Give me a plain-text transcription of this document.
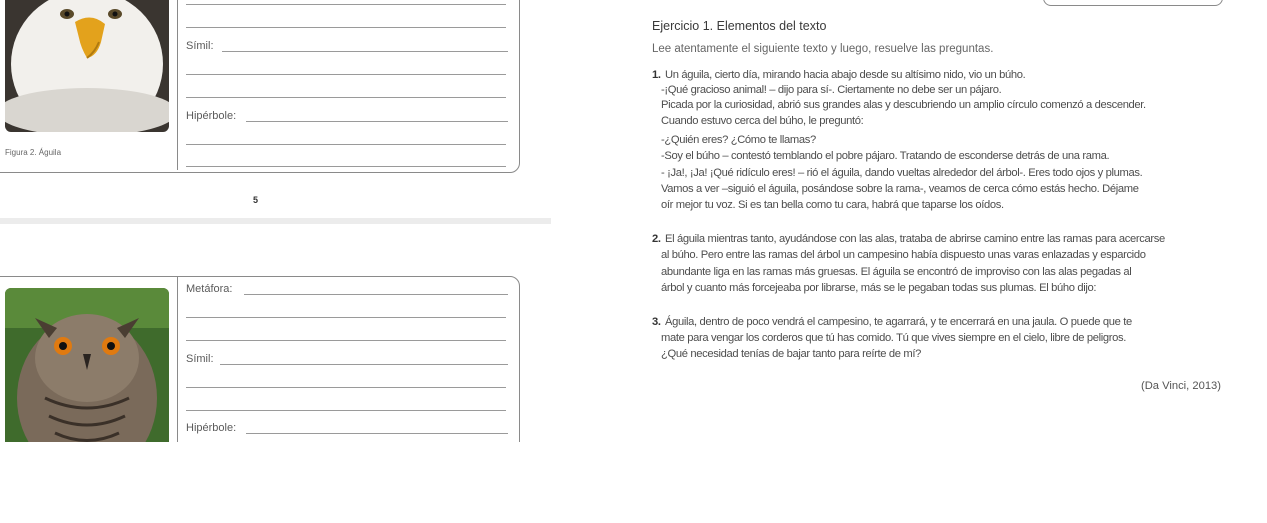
Símil:
Hipérbole:
Figura 2. Águila
5
Metáfora:
Símil:
Hipérbole:
Ejercicio 1. Elementos del texto
Lee atentamente el siguiente texto y luego, resuelve las preguntas.
1. Un águila, cierto día, mirando hacia abajo desde su altísimo nido, vio un búho.
-¡Qué gracioso animal! – dijo para sí-. Ciertamente no debe ser un pájaro.
Picada por la curiosidad, abrió sus grandes alas y descubriendo un amplio círculo comenzó a descender.
Cuando estuvo cerca del búho, le preguntó:
-¿Quién eres? ¿Cómo te llamas?
-Soy el búho – contestó temblando el pobre pájaro. Tratando de esconderse detrás de una rama.
- ¡Ja!, ¡Ja! ¡Qué ridículo eres! – rió el águila, dando vueltas alrededor del árbol-. Eres todo ojos y plumas.
Vamos a ver –siguió el águila, posándose sobre la rama-, veamos de cerca cómo estás hecho. Déjame
oír mejor tu voz. Si es tan bella como tu cara, habrá que taparse los oídos.
2. El águila mientras tanto, ayudándose con las alas, trataba de abrirse camino entre las ramas para acercarse
al búho. Pero entre las ramas del árbol un campesino había dispuesto unas varas enlazadas y esparcido
abundante liga en las ramas más gruesas. El águila se encontró de improviso con las alas pegadas al
árbol y cuanto más forcejeaba por librarse, más se le pegaban todas sus plumas. El búho dijo:
3. Águila, dentro de poco vendrá el campesino, te agarrará, y te encerrará en una jaula. O puede que te
mate para vengar los corderos que tú has comido. Tú que vives siempre en el cielo, libre de peligros.
¿Qué necesidad tenías de bajar tanto para reírte de mí?
(Da Vinci, 2013)
